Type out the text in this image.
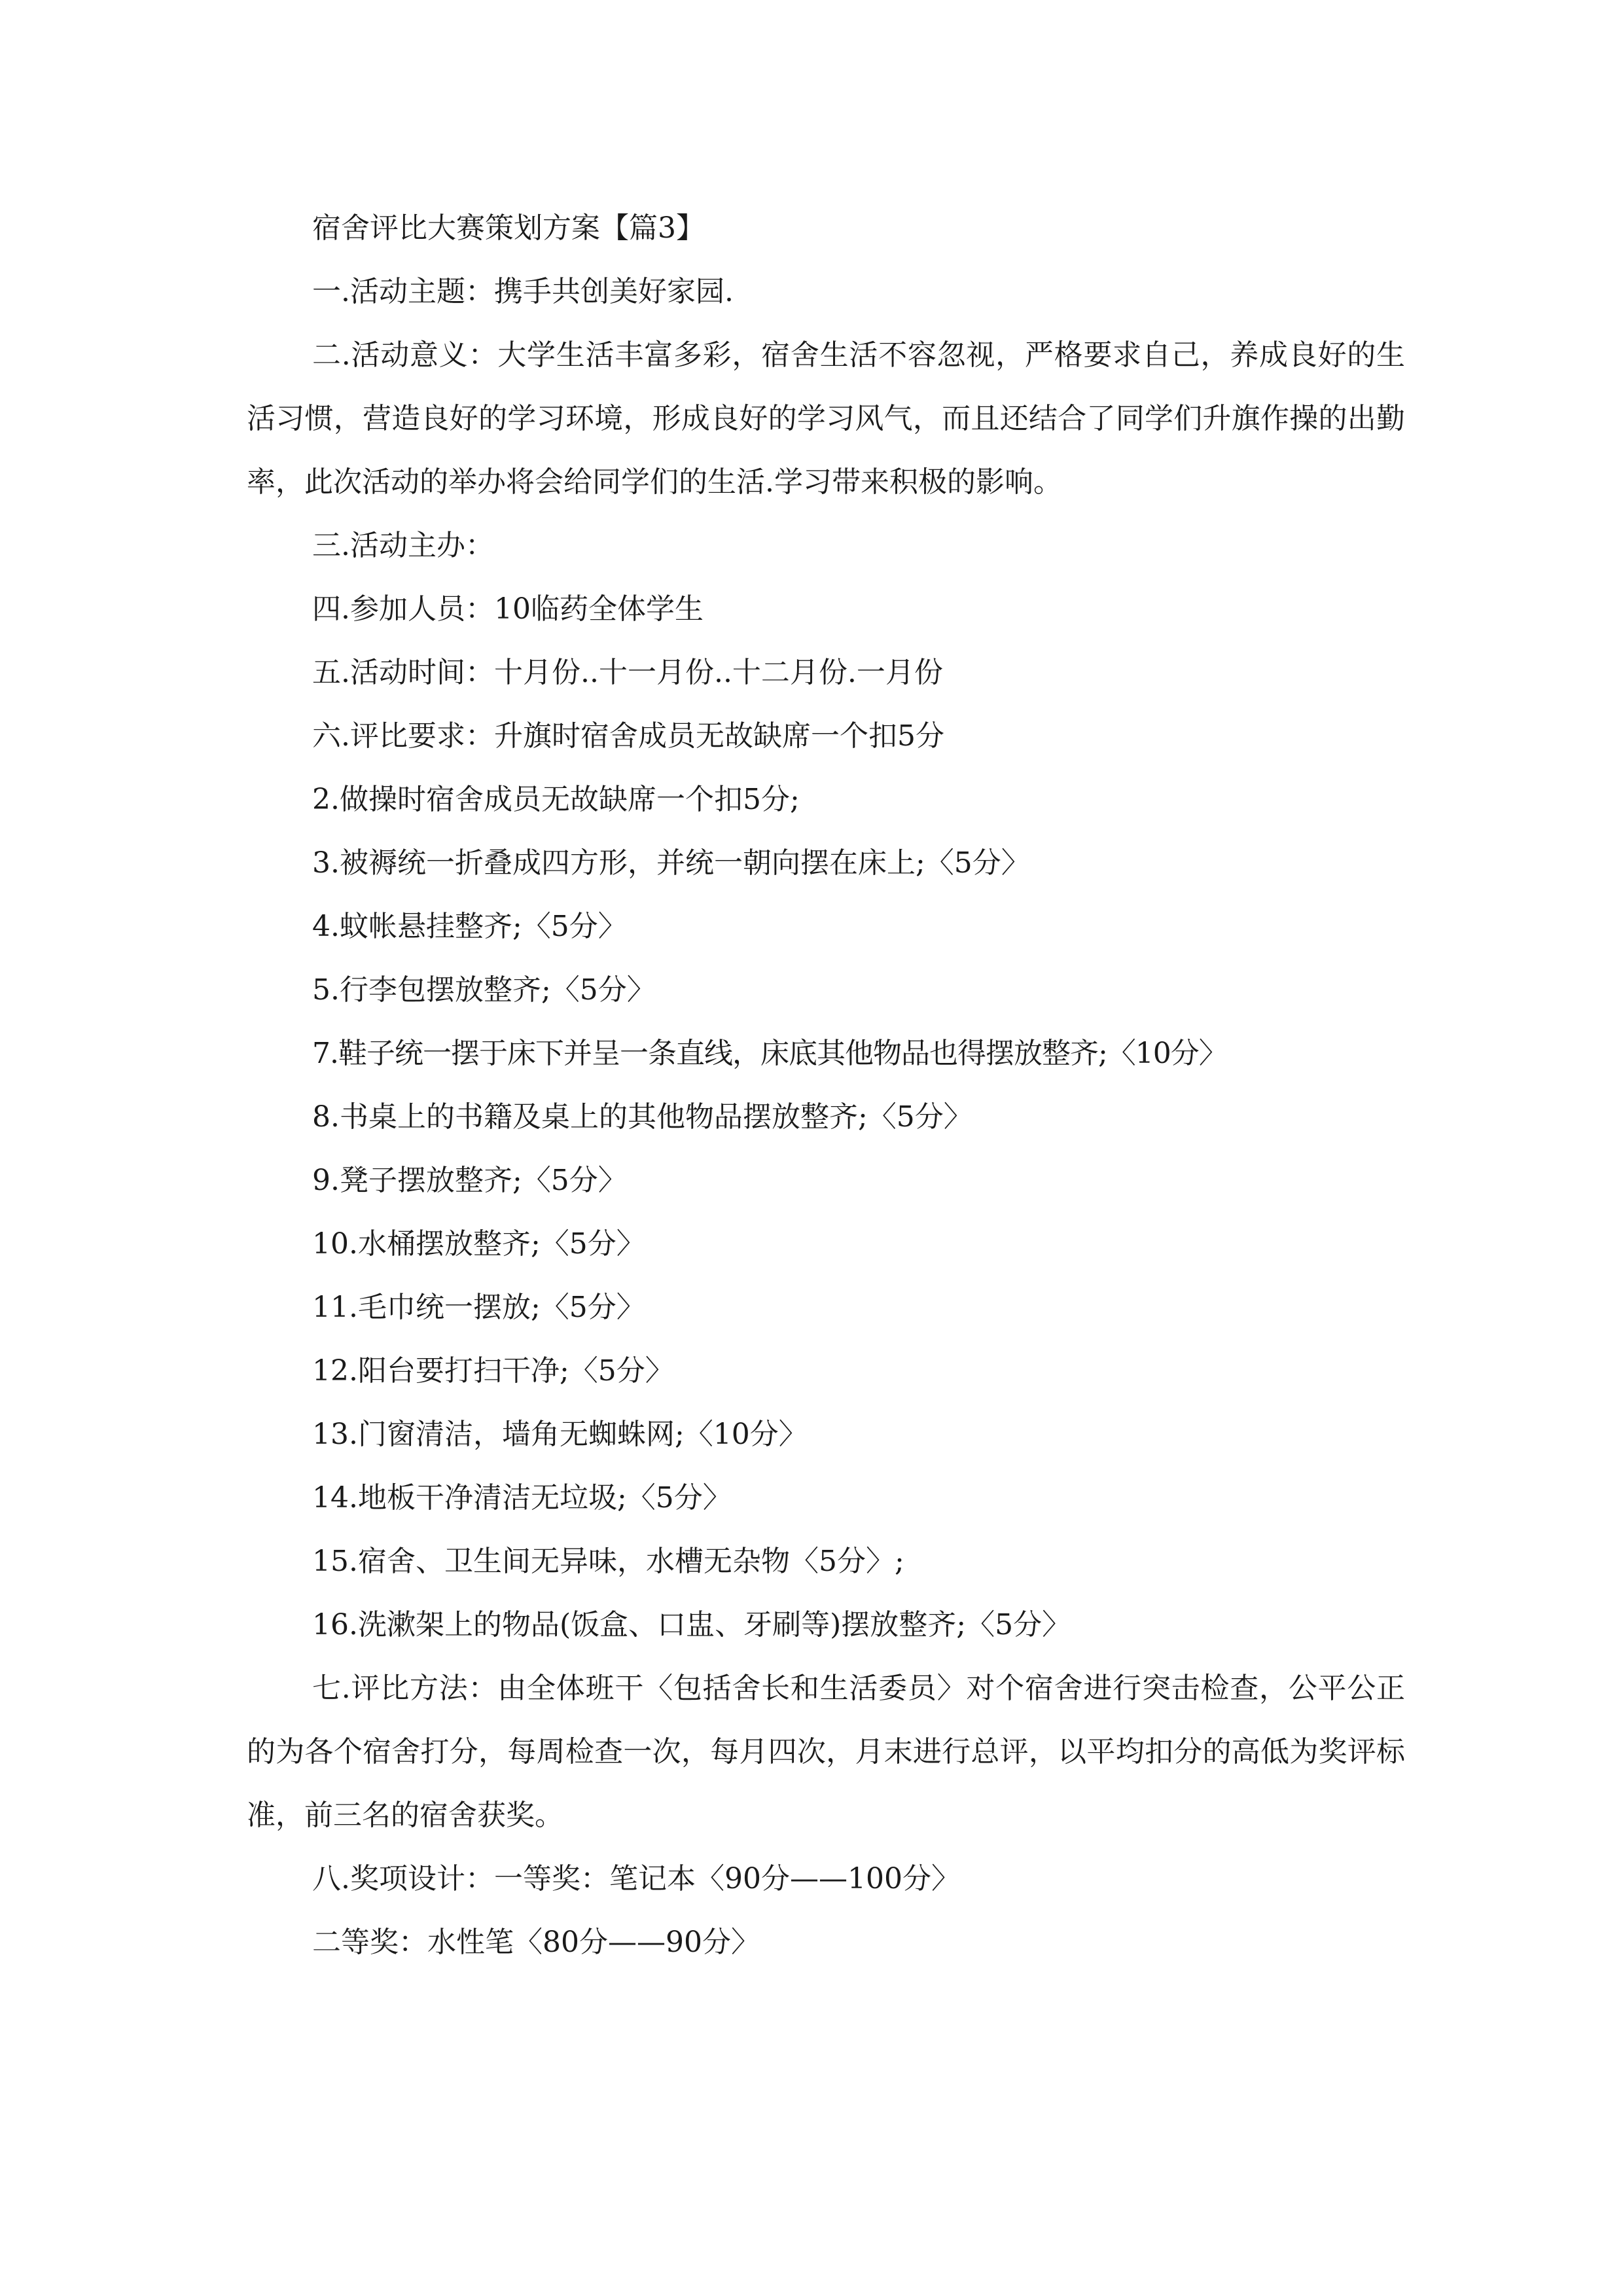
宿舍评比大赛策划方案【篇3】

一.活动主题：携手共创美好家园.

二.活动意义：大学生活丰富多彩，宿舍生活不容忽视，严格要求自己，养成良好的生活习惯，营造良好的学习环境，形成良好的学习风气，而且还结合了同学们升旗作操的出勤率，此次活动的举办将会给同学们的生活.学习带来积极的影响。

三.活动主办：

四.参加人员：10临药全体学生

五.活动时间：十月份..十一月份..十二月份.一月份

六.评比要求：升旗时宿舍成员无故缺席一个扣5分

2.做操时宿舍成员无故缺席一个扣5分;

3.被褥统一折叠成四方形，并统一朝向摆在床上;〈5分〉

4.蚊帐悬挂整齐;〈5分〉

5.行李包摆放整齐;〈5分〉

7.鞋子统一摆于床下并呈一条直线，床底其他物品也得摆放整齐;〈10分〉

8.书桌上的书籍及桌上的其他物品摆放整齐;〈5分〉

9.凳子摆放整齐;〈5分〉

10.水桶摆放整齐;〈5分〉

11.毛巾统一摆放;〈5分〉

12.阳台要打扫干净;〈5分〉

13.门窗清洁，墙角无蜘蛛网;〈10分〉

14.地板干净清洁无垃圾;〈5分〉

15.宿舍、卫生间无异味，水槽无杂物〈5分〉;

16.洗漱架上的物品(饭盒、口盅、牙刷等)摆放整齐;〈5分〉

七.评比方法：由全体班干〈包括舍长和生活委员〉对个宿舍进行突击检查，公平公正的为各个宿舍打分，每周检查一次，每月四次，月末进行总评，以平均扣分的高低为奖评标准，前三名的宿舍获奖。

八.奖项设计：一等奖：笔记本〈90分——100分〉

二等奖：水性笔〈80分——90分〉
